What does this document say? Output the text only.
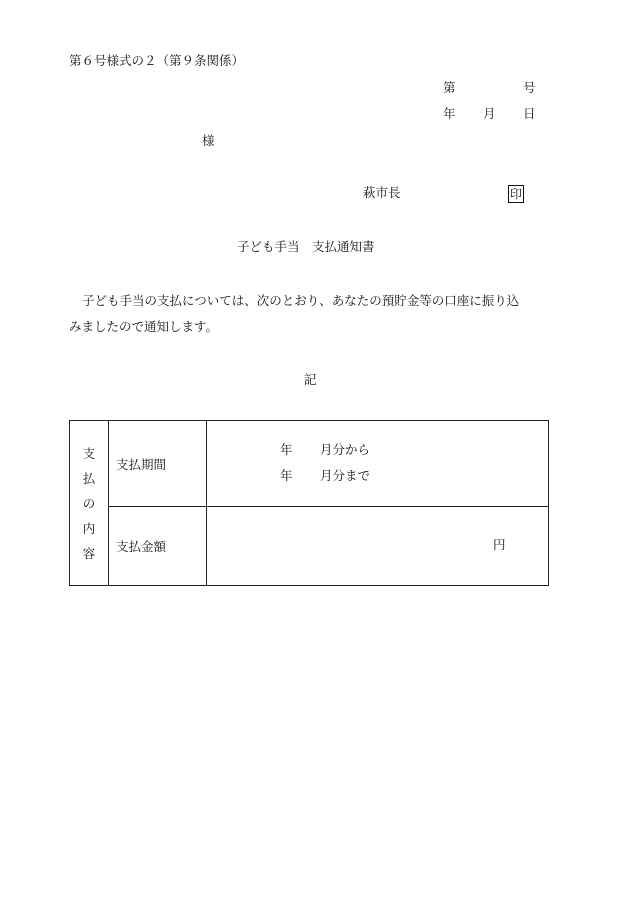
第６号様式の２（第９条関係）
第	号
年 月 日
様
萩市長	印
子ども手当　支払通知書
子ども手当の支払については、次のとおり、あなたの預貯金等の口座に振り込
みましたので通知します。
記
支
払
の
内
容	支払期間	年 月分から
年 月分まで

	支払金額	円
